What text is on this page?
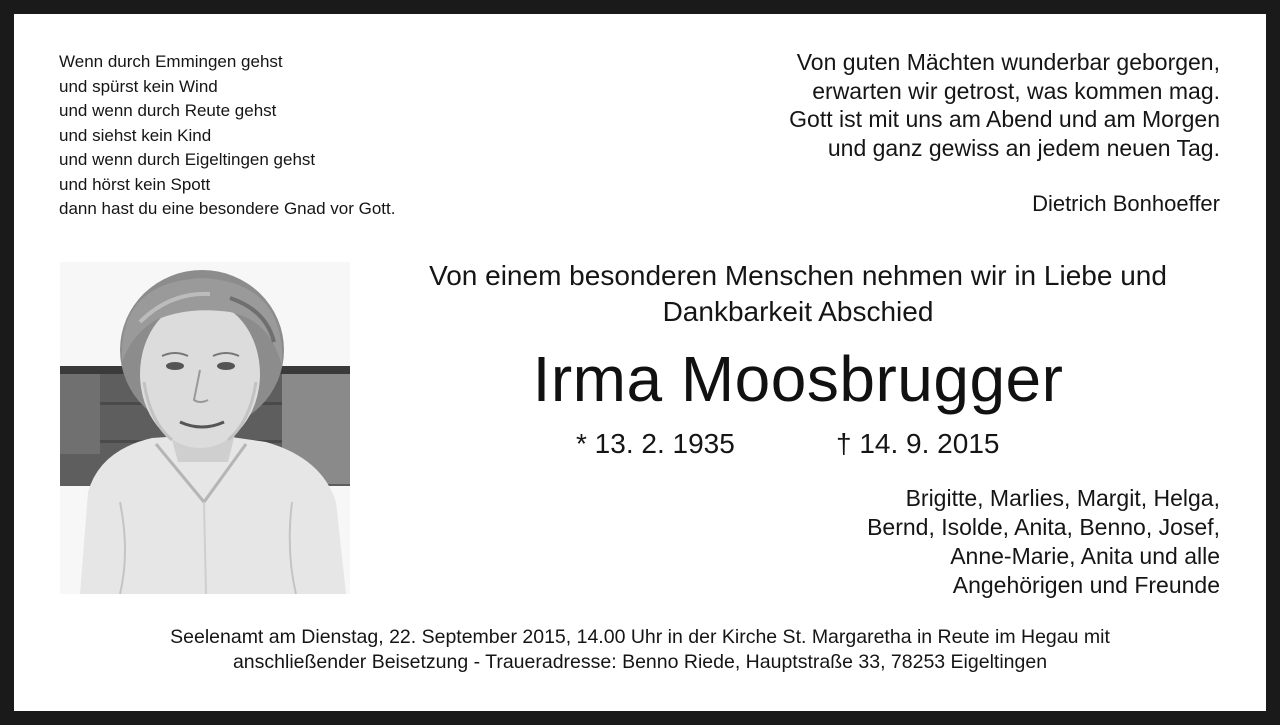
Wenn durch Emmingen gehst
und spürst kein Wind
und wenn durch Reute gehst
und siehst kein Kind
und wenn durch Eigeltingen gehst
und hörst kein Spott
dann hast du eine besondere Gnad vor Gott.
Von guten Mächten wunderbar geborgen,
erwarten wir getrost, was kommen mag.
Gott ist mit uns am Abend und am Morgen
und ganz gewiss an jedem neuen Tag.
Dietrich Bonhoeffer
Von einem besonderen Menschen nehmen wir in Liebe und
Dankbarkeit Abschied
Irma Moosbrugger
* 13. 2. 1935	† 14. 9. 2015
Brigitte, Marlies, Margit, Helga,
Bernd, Isolde, Anita, Benno, Josef,
Anne-Marie, Anita und alle
Angehörigen und Freunde
Seelenamt am Dienstag, 22. September 2015, 14.00 Uhr in der Kirche St. Margaretha in Reute im Hegau mit
anschließender Beisetzung - Traueradresse: Benno Riede, Hauptstraße 33, 78253 Eigeltingen
